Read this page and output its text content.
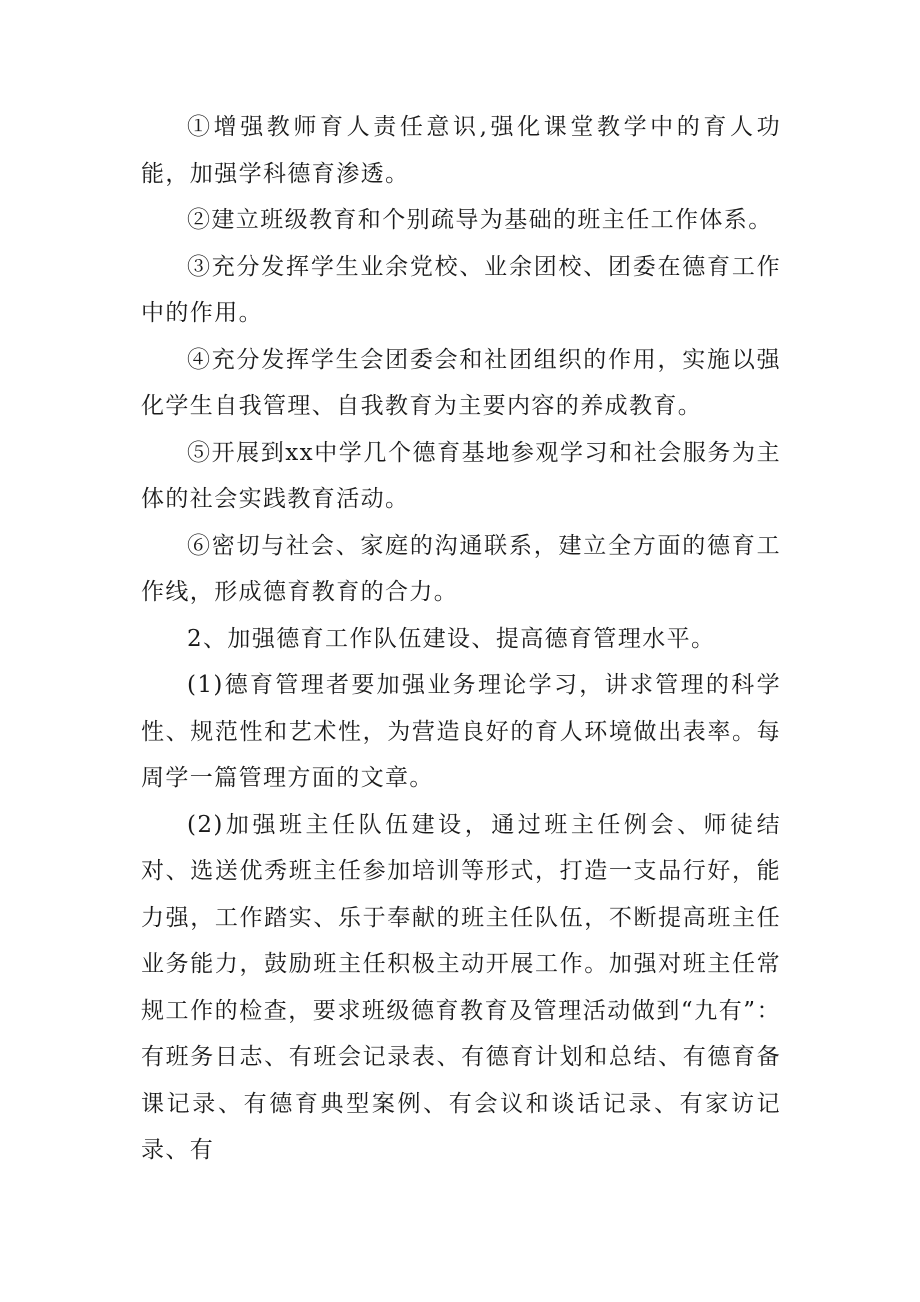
①增强教师育人责任意识,强化课堂教学中的育人功能，加强学科德育渗透。

②建立班级教育和个别疏导为基础的班主任工作体系。

③充分发挥学生业余党校、业余团校、团委在德育工作中的作用。

④充分发挥学生会团委会和社团组织的作用，实施以强化学生自我管理、自我教育为主要内容的养成教育。

⑤开展到xx中学几个德育基地参观学习和社会服务为主体的社会实践教育活动。

⑥密切与社会、家庭的沟通联系，建立全方面的德育工作线，形成德育教育的合力。

2、加强德育工作队伍建设、提高德育管理水平。

(1)德育管理者要加强业务理论学习，讲求管理的科学性、规范性和艺术性，为营造良好的育人环境做出表率。每周学一篇管理方面的文章。

(2)加强班主任队伍建设，通过班主任例会、师徒结对、选送优秀班主任参加培训等形式，打造一支品行好，能力强，工作踏实、乐于奉献的班主任队伍，不断提高班主任业务能力，鼓励班主任积极主动开展工作。加强对班主任常规工作的检查，要求班级德育教育及管理活动做到“九有”：有班务日志、有班会记录表、有德育计划和总结、有德育备课记录、有德育典型案例、有会议和谈话记录、有家访记录、有
